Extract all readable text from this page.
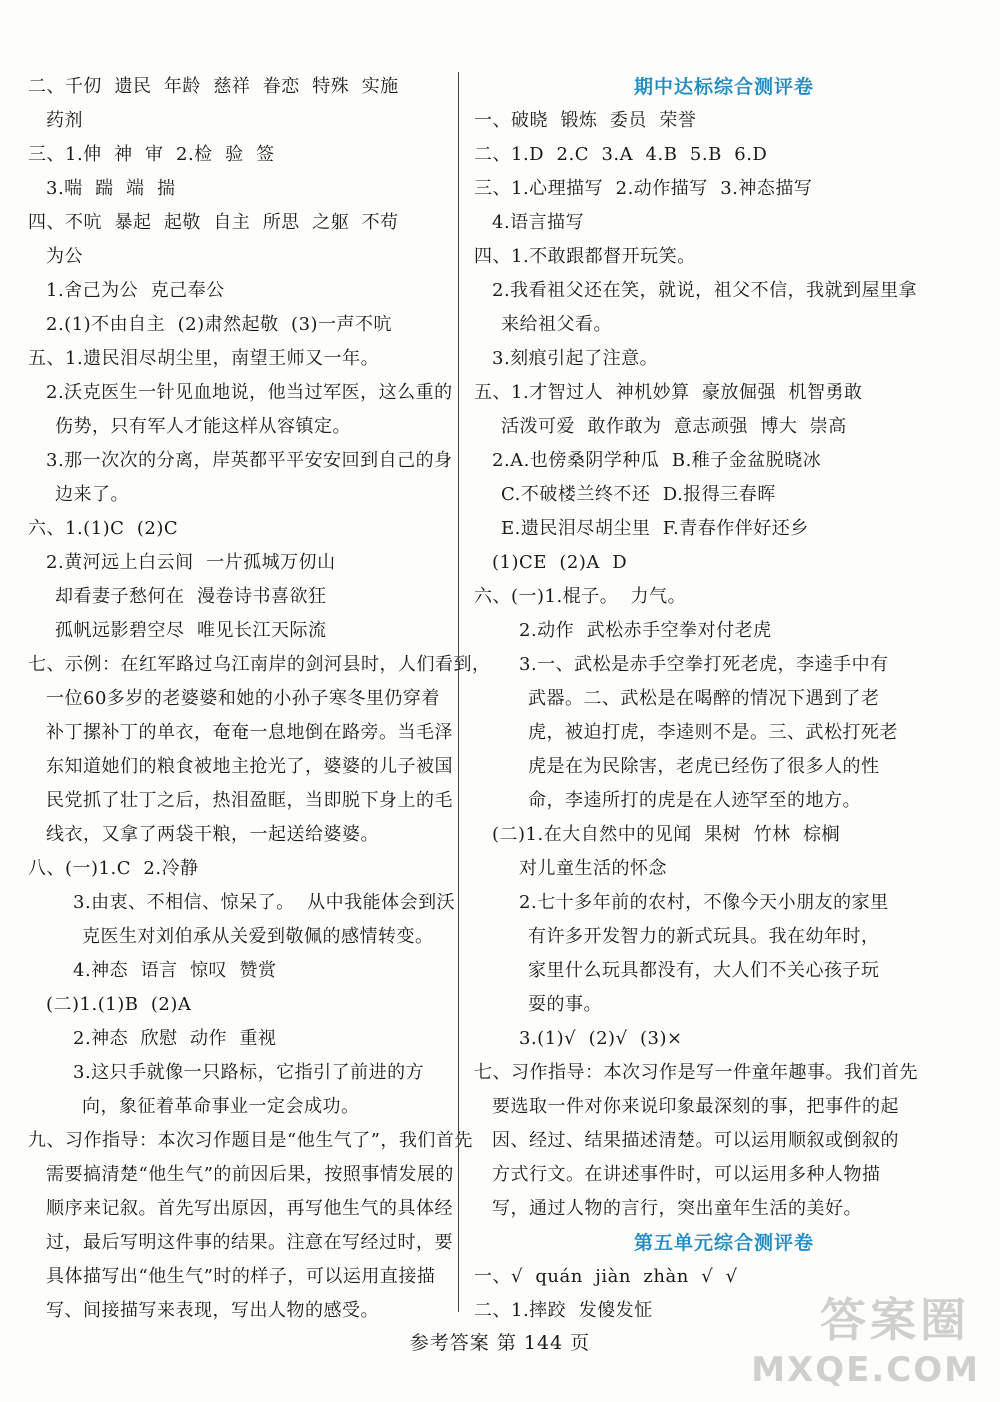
二、千仞  遗民  年龄  慈祥  眷恋  特殊  实施
药剂
三、1.伸  神  审  2.检  验  签
3.喘  踹  端  揣
四、不吭  暴起  起敬  自主  所思  之躯  不苟
为公
1.舍己为公  克己奉公
2.(1)不由自主  (2)肃然起敬  (3)一声不吭
五、1.遗民泪尽胡尘里，南望王师又一年。
2.沃克医生一针见血地说，他当过军医，这么重的
伤势，只有军人才能这样从容镇定。
3.那一次次的分离，岸英都平平安安回到自己的身
边来了。
六、1.(1)C  (2)C
2.黄河远上白云间  一片孤城万仞山
却看妻子愁何在  漫卷诗书喜欲狂
孤帆远影碧空尽  唯见长江天际流
七、示例：在红军路过乌江南岸的剑河县时，人们看到，
一位60多岁的老婆婆和她的小孙子寒冬里仍穿着
补丁摞补丁的单衣，奄奄一息地倒在路旁。当毛泽
东知道她们的粮食被地主抢光了，婆婆的儿子被国
民党抓了壮丁之后，热泪盈眶，当即脱下身上的毛
线衣，又拿了两袋干粮，一起送给婆婆。
八、(一)1.C  2.冷静
3.由衷、不相信、惊呆了。  从中我能体会到沃
克医生对刘伯承从关爱到敬佩的感情转变。
4.神态  语言  惊叹  赞赏
(二)1.(1)B  (2)A
2.神态  欣慰  动作  重视
3.这只手就像一只路标，它指引了前进的方
向，象征着革命事业一定会成功。
九、习作指导：本次习作题目是“他生气了”，我们首先
需要搞清楚“他生气”的前因后果，按照事情发展的
顺序来记叙。首先写出原因，再写他生气的具体经
过，最后写明这件事的结果。注意在写经过时，要
具体描写出“他生气”时的样子，可以运用直接描
写、间接描写来表现，写出人物的感受。
期中达标综合测评卷
一、破晓  锻炼  委员  荣誉
二、1.D  2.C  3.A  4.B  5.B  6.D
三、1.心理描写  2.动作描写  3.神态描写
4.语言描写
四、1.不敢跟都督开玩笑。
2.我看祖父还在笑，就说，祖父不信，我就到屋里拿
来给祖父看。
3.刻痕引起了注意。
五、1.才智过人  神机妙算  豪放倔强  机智勇敢
活泼可爱  敢作敢为  意志顽强  博大  崇高
2.A.也傍桑阴学种瓜  B.稚子金盆脱晓冰
C.不破楼兰终不还  D.报得三春晖
E.遗民泪尽胡尘里  F.青春作伴好还乡
(1)CE  (2)A  D
六、(一)1.棍子。  力气。
2.动作  武松赤手空拳对付老虎
3.一、武松是赤手空拳打死老虎，李逵手中有
武器。二、武松是在喝醉的情况下遇到了老
虎，被迫打虎，李逵则不是。三、武松打死老
虎是在为民除害，老虎已经伤了很多人的性
命，李逵所打的虎是在人迹罕至的地方。
(二)1.在大自然中的见闻  果树  竹林  棕榈
对儿童生活的怀念
2.七十多年前的农村，不像今天小朋友的家里
有许多开发智力的新式玩具。我在幼年时，
家里什么玩具都没有，大人们不关心孩子玩
耍的事。
3.(1)√  (2)√  (3)×
七、习作指导：本次习作是写一件童年趣事。我们首先
要选取一件对你来说印象最深刻的事，把事件的起
因、经过、结果描述清楚。可以运用顺叙或倒叙的
方式行文。在讲述事件时，可以运用多种人物描
写，通过人物的言行，突出童年生活的美好。
第五单元综合测评卷
一、√  quán  jiàn  zhàn  √  √
二、1.摔跤  发傻发怔
参考答案 第 144 页	答案圈
MXQE.COM
